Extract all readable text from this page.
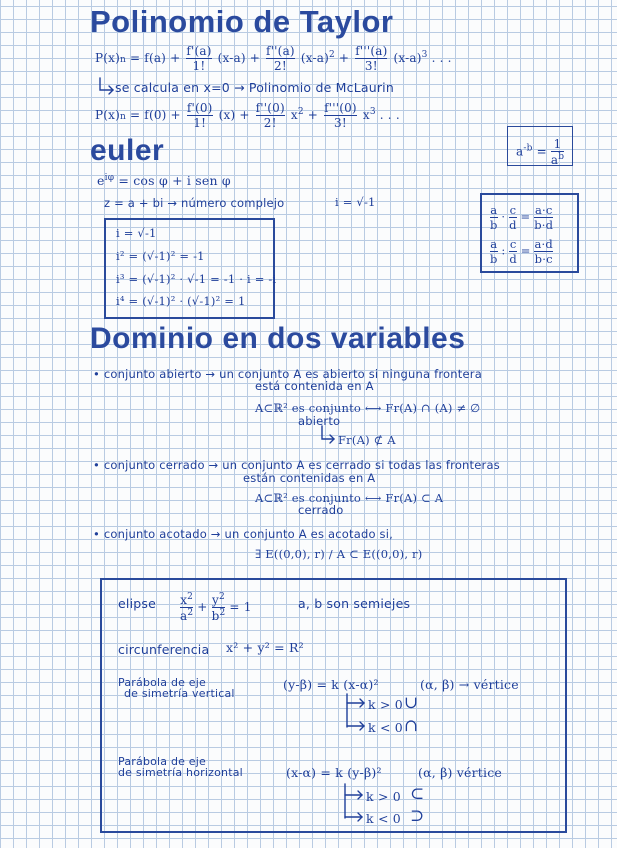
Polinomio de Taylor
$P(x)n = f(a) + \frac{f'(a)}{1!} (x-a) + \frac{f''(a)}{2!} (x-a)^2 + \frac{f'''(a)}{3!} (x-a)^3$ . . .
se calcula en x=0 → Polinomio de McLaurin
$P(x)n = f(0) + \frac{f'(0)}{1!} (x) + \frac{f''(0)}{2!} x^2 + \frac{f'''(0)}{3!} x^3$ . . .
$a^{-b} = \frac{1}{a^b}$
euler
$e^{i\varphi} = \cos \varphi + i$ sen φ
z = a + bi → número complejo	i = √-1
$\frac{a}{b} \cdot \frac{c}{d} = \frac{a\cdot c}{b\cdot d}$
$\frac{a}{b}$ : $\frac{c}{d} = \frac{a\cdot d}{b\cdot c}$
i = √-1
i² = (√-1)² = -1
i³ = (√-1)² · √-1 = -1 · i = -i
i⁴ = (√-1)² · (√-1)² = 1
Dominio en dos variables
• conjunto abierto → un conjunto A es abierto si ninguna frontera
está contenida en A
A⊂ℝ² es conjunto ⟷ Fr(A) ∩ (A) ≠ ∅
abierto
Fr(A) ⊄ A
• conjunto cerrado → un conjunto A es cerrado si todas las fronteras
están contenidas en A
A⊂ℝ² es conjunto ⟷ Fr(A) ⊂ A
cerrado
• conjunto acotado → un conjunto A es acotado si,
∃ E((0,0), r) / A ⊂ E((0,0), r)
elipse $\frac{x^2}{a^2} + \frac{y^2}{b^2} = 1$	a, b son semiejes
circunferencia x² + y² = R²
Parábola de eje
de simetría vertical
(y-β) = k (x-α)²	(α, β) → vértice
k > 0 ∪
k < 0 ∩
Parábola de eje
de simetría horizontal	(x-α) = k (y-β)²	(α, β) vértice
k > 0 ⊂
k < 0 ⊃
